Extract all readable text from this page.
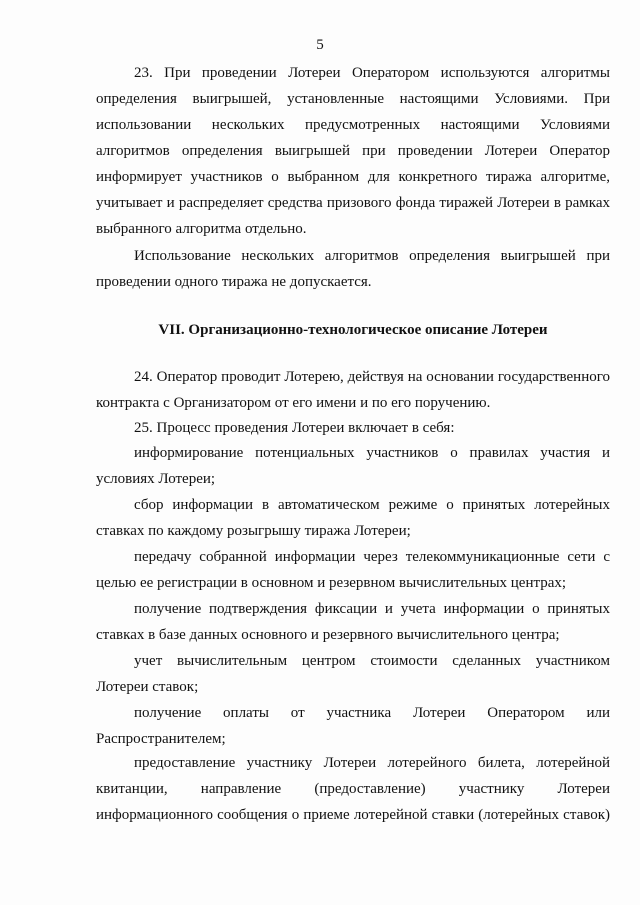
5

23. При проведении Лотереи Оператором используются алгоритмы определения выигрышей, установленные настоящими Условиями. При использовании нескольких предусмотренных настоящими Условиями алгоритмов определения выигрышей при проведении Лотереи Оператор информирует участников о выбранном для конкретного тиража алгоритме, учитывает и распределяет средства призового фонда тиражей Лотереи в рамках выбранного алгоритма отдельно.

Использование нескольких алгоритмов определения выигрышей при проведении одного тиража не допускается.

VII. Организационно-технологическое описание Лотереи

24. Оператор проводит Лотерею, действуя на основании государственного контракта с Организатором от его имени и по его поручению.

25. Процесс проведения Лотереи включает в себя:

информирование потенциальных участников о правилах участия и условиях Лотереи;

сбор информации в автоматическом режиме о принятых лотерейных ставках по каждому розыгрышу тиража Лотереи;

передачу собранной информации через телекоммуникационные сети с целью ее регистрации в основном и резервном вычислительных центрах;

получение подтверждения фиксации и учета информации о принятых ставках в базе данных основного и резервного вычислительного центра;

учет вычислительным центром стоимости сделанных участником Лотереи ставок;

получение оплаты от участника Лотереи Оператором или Распространителем;

предоставление участнику Лотереи лотерейного билета, лотерейной квитанции, направление (предоставление) участнику Лотереи информационного сообщения о приеме лотерейной ставки (лотерейных ставок)
